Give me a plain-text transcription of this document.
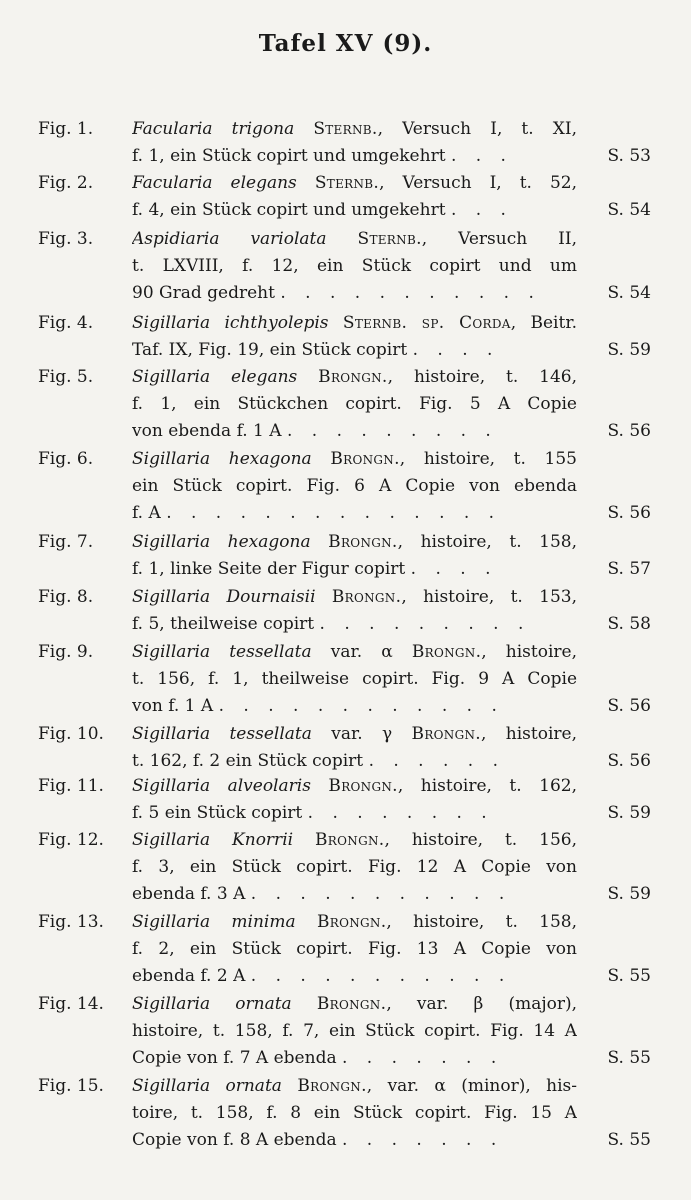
Tafel XV (9).
Fig. 1. Facularia trigona Sternb., Versuch I, t. XI,
f. 1, ein Stück copirt und umgekehrt . . .	S. 53
Fig. 2. Facularia elegans Sternb., Versuch I, t. 52,
f. 4, ein Stück copirt und umgekehrt . . .	S. 54
Fig. 3. Aspidiaria variolata Sternb., Versuch II,
t. LXVIII, f. 12, ein Stück copirt und um
90 Grad gedreht . . . . . . . . . . .	S. 54
Fig. 4. Sigillaria ichthyolepis Sternb. sp. Corda, Beitr.
Taf. IX, Fig. 19, ein Stück copirt . . . .	S. 59
Fig. 5. Sigillaria elegans Brongn., histoire, t. 146,
f. 1, ein Stückchen copirt. Fig. 5 A Copie
von ebenda f. 1 A . . . . . . . . .	S. 56
Fig. 6. Sigillaria hexagona Brongn., histoire, t. 155
ein Stück copirt. Fig. 6 A Copie von ebenda
f. A . . . . . . . . . . . . . .	S. 56
Fig. 7. Sigillaria hexagona Brongn., histoire, t. 158,
f. 1, linke Seite der Figur copirt . . . .	S. 57
Fig. 8. Sigillaria Dournaisii Brongn., histoire, t. 153,
f. 5, theilweise copirt . . . . . . . . .	S. 58
Fig. 9. Sigillaria tessellata var. α Brongn., histoire,
t. 156, f. 1, theilweise copirt. Fig. 9 A Copie
von f. 1 A . . . . . . . . . . . .	S. 56
Fig. 10. Sigillaria tessellata var. γ Brongn., histoire,
t. 162, f. 2 ein Stück copirt . . . . . .	S. 56
Fig. 11. Sigillaria alveolaris Brongn., histoire, t. 162,
f. 5 ein Stück copirt . . . . . . . .	S. 59
Fig. 12. Sigillaria Knorrii Brongn., histoire, t. 156,
f. 3, ein Stück copirt. Fig. 12 A Copie von
ebenda f. 3 A . . . . . . . . . . .	S. 59
Fig. 13. Sigillaria minima Brongn., histoire, t. 158,
f. 2, ein Stück copirt. Fig. 13 A Copie von
ebenda f. 2 A . . . . . . . . . . .	S. 55
Fig. 14. Sigillaria ornata Brongn., var. β (major),
histoire, t. 158, f. 7, ein Stück copirt. Fig. 14 A
Copie von f. 7 A ebenda . . . . . . .	S. 55
Fig. 15. Sigillaria ornata Brongn., var. α (minor), his-
toire, t. 158, f. 8 ein Stück copirt. Fig. 15 A
Copie von f. 8 A ebenda . . . . . . .	S. 55
